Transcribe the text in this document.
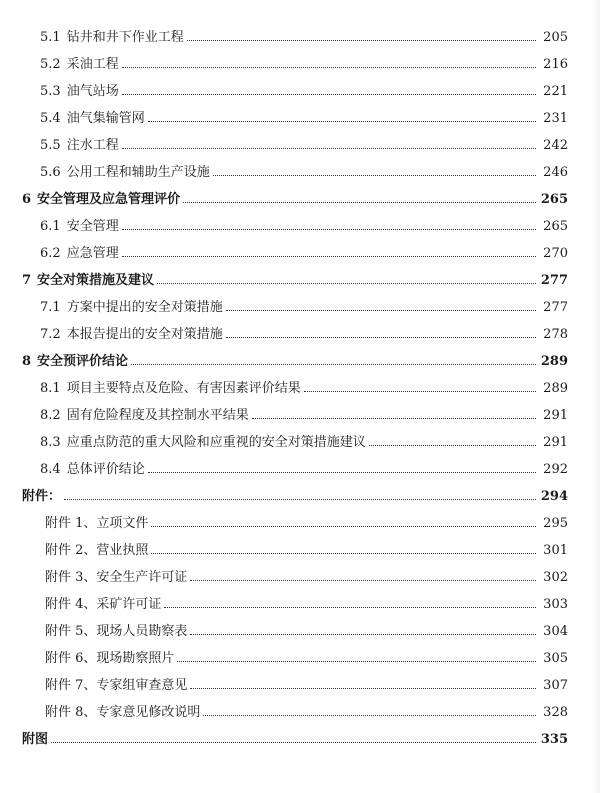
5.1 钻井和井下作业工程	205
5.2 采油工程	216
5.3 油气站场	221
5.4 油气集输管网	231
5.5 注水工程	242
5.6 公用工程和辅助生产设施	246
6 安全管理及应急管理评价	265
6.1 安全管理	265
6.2 应急管理	270
7 安全对策措施及建议	277
7.1 方案中提出的安全对策措施	277
7.2 本报告提出的安全对策措施	278
8 安全预评价结论	289
8.1 项目主要特点及危险、有害因素评价结果	289
8.2 固有危险程度及其控制水平结果	291
8.3 应重点防范的重大风险和应重视的安全对策措施建议	291
8.4 总体评价结论	292
附件：	294
附件 1、立项文件	295
附件 2、营业执照	301
附件 3、安全生产许可证	302
附件 4、采矿许可证	303
附件 5、现场人员勘察表	304
附件 6、现场勘察照片	305
附件 7、专家组审查意见	307
附件 8、专家意见修改说明	328
附图	335
